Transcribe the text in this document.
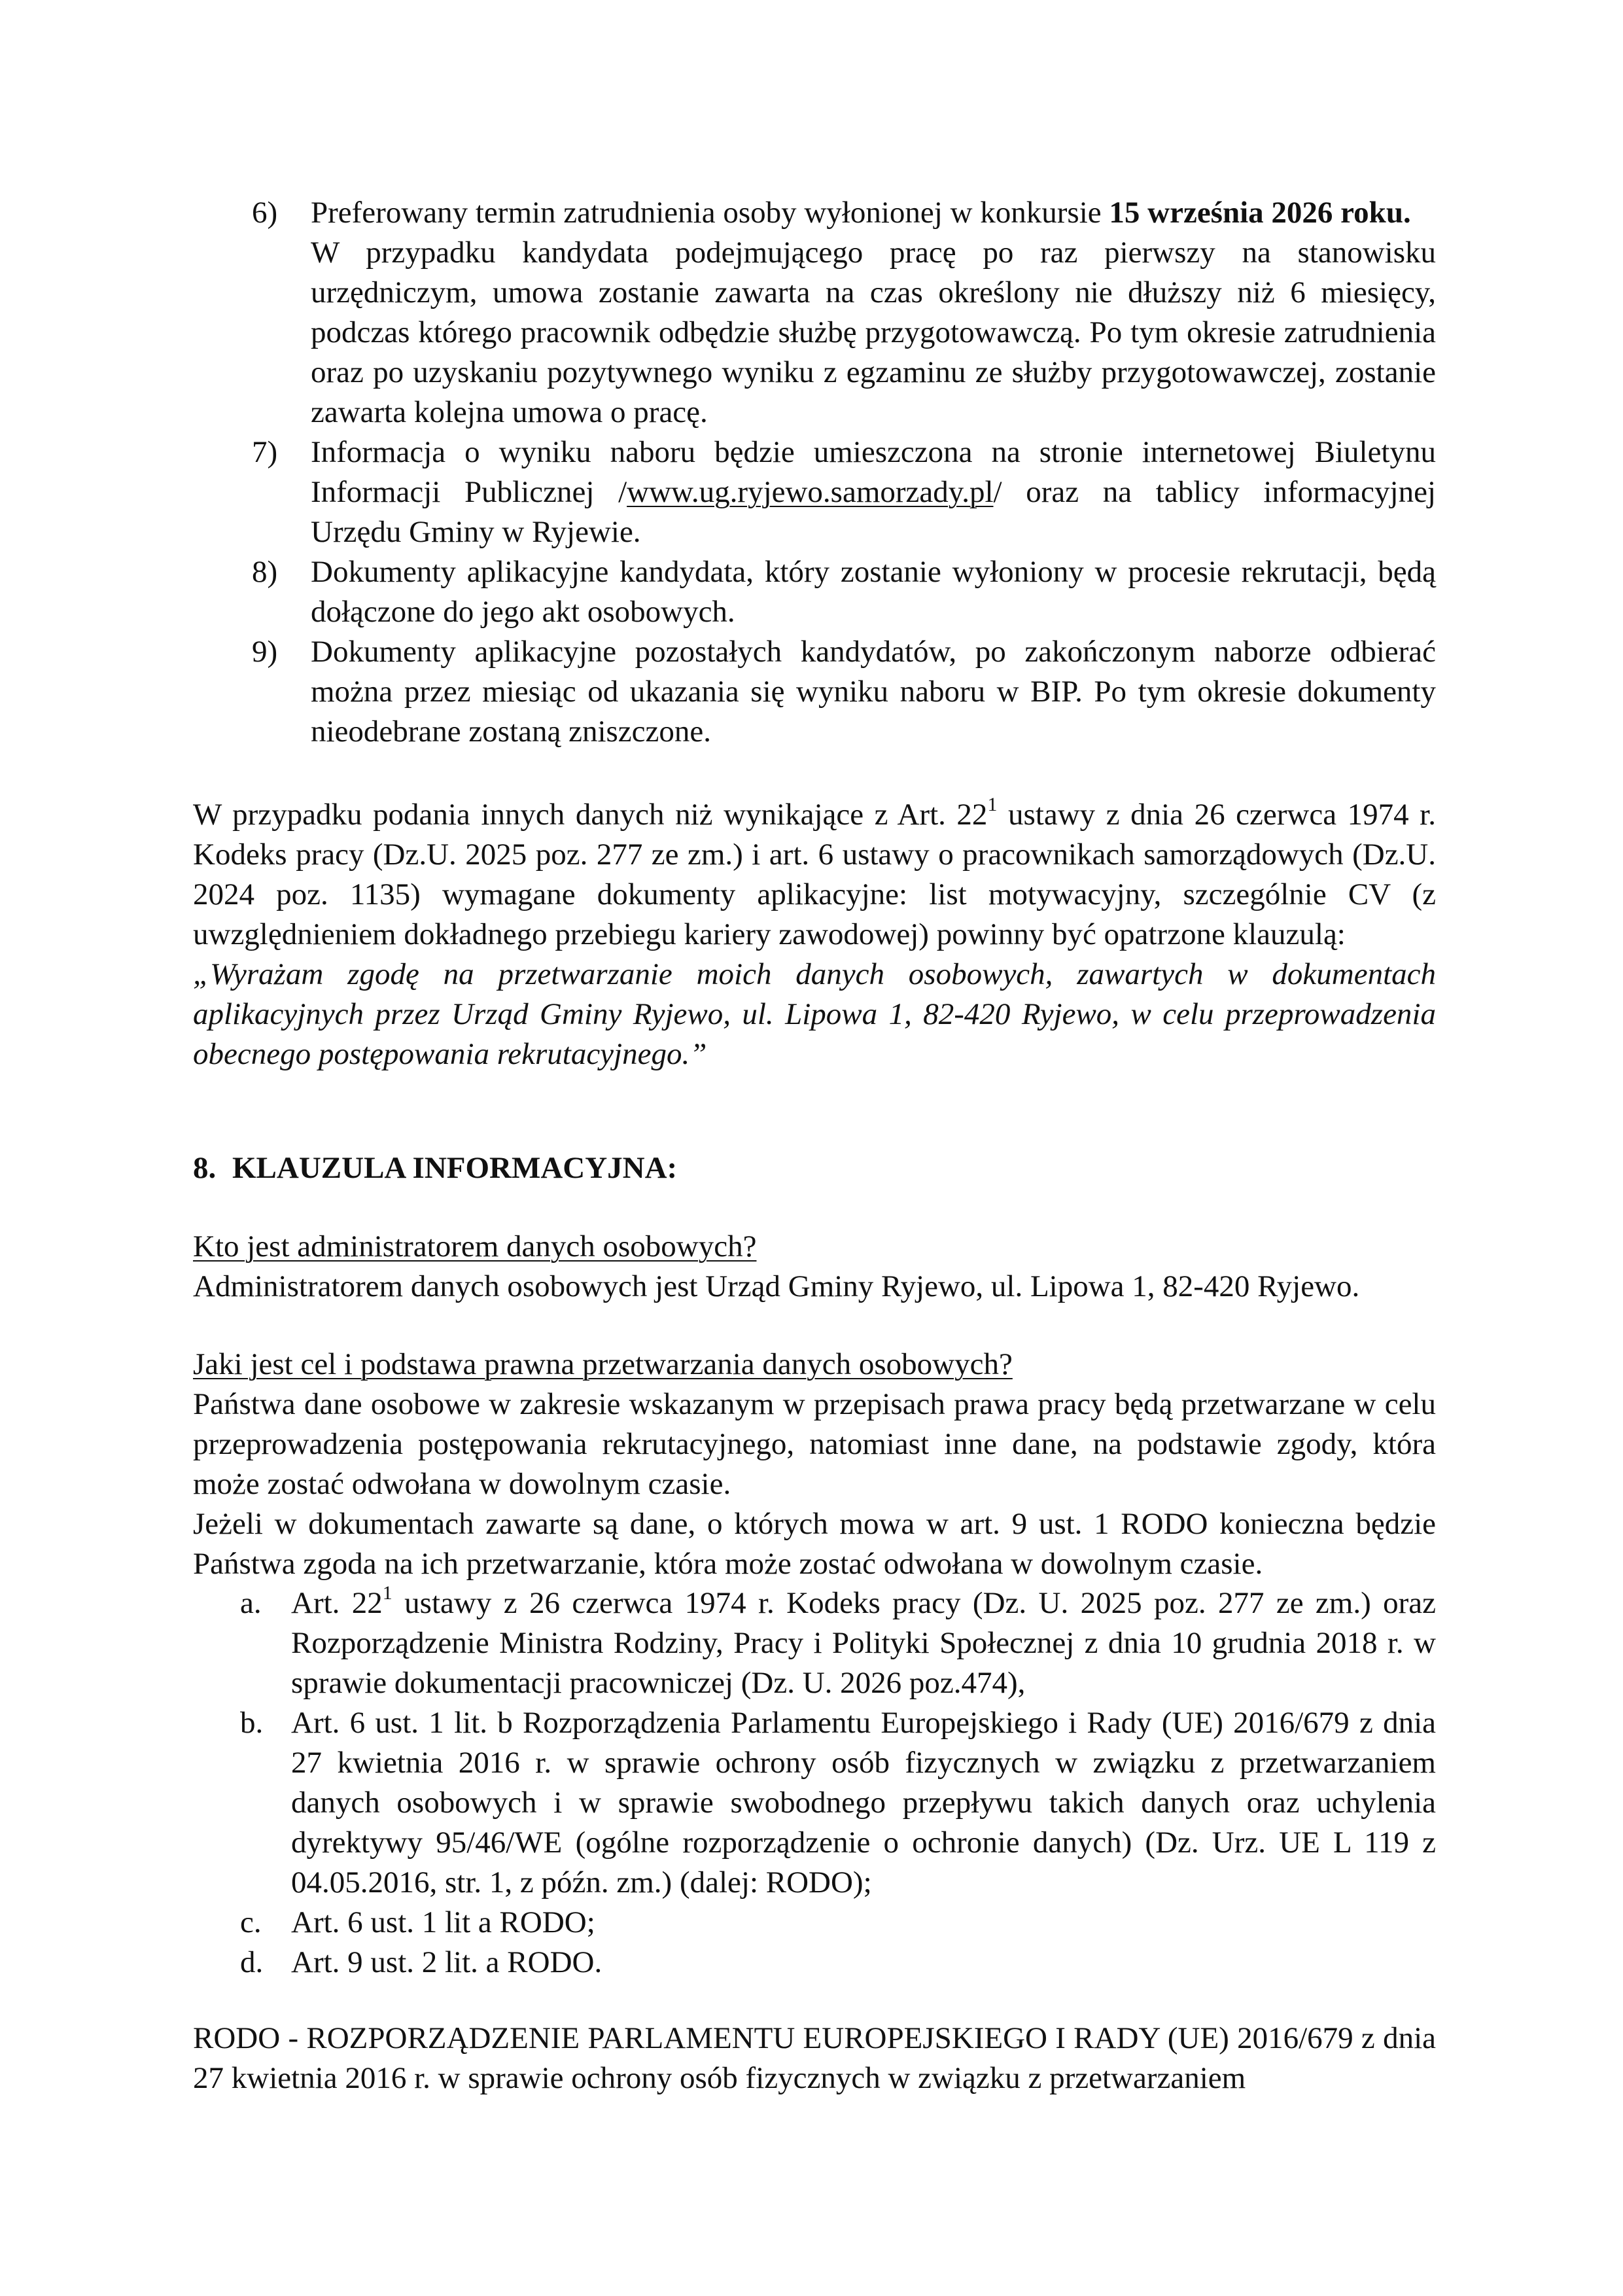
6) Preferowany termin zatrudnienia osoby wyłonionej w konkursie 15 września 2026 roku.
W przypadku kandydata podejmującego pracę po raz pierwszy na stanowisku urzędniczym, umowa zostanie zawarta na czas określony nie dłuższy niż 6 miesięcy, podczas którego pracownik odbędzie służbę przygotowawczą. Po tym okresie zatrudnienia oraz po uzyskaniu pozytywnego wyniku z egzaminu ze służby przygotowawczej, zostanie zawarta kolejna umowa o pracę.
7) Informacja o wyniku naboru będzie umieszczona na stronie internetowej Biuletynu Informacji Publicznej /www.ug.ryjewo.samorzady.pl/ oraz na tablicy informacyjnej Urzędu Gminy w Ryjewie.
8) Dokumenty aplikacyjne kandydata, który zostanie wyłoniony w procesie rekrutacji, będą dołączone do jego akt osobowych.
9) Dokumenty aplikacyjne pozostałych kandydatów, po zakończonym naborze odbierać można przez miesiąc od ukazania się wyniku naboru w BIP. Po tym okresie dokumenty nieodebrane zostaną zniszczone.

W przypadku podania innych danych niż wynikające z Art. $22^1$ ustawy z dnia 26 czerwca 1974 r. Kodeks pracy (Dz.U. 2025 poz. 277 ze zm.) i art. 6 ustawy o pracownikach samorządowych (Dz.U. 2024 poz. 1135) wymagane dokumenty aplikacyjne: list motywacyjny, szczególnie CV (z uwzględnieniem dokładnego przebiegu kariery zawodowej) powinny być opatrzone klauzulą:

„Wyrażam zgodę na przetwarzanie moich danych osobowych, zawartych w dokumentach aplikacyjnych przez Urząd Gminy Ryjewo, ul. Lipowa 1, 82-420 Ryjewo, w celu przeprowadzenia obecnego postępowania rekrutacyjnego.”

8. KLAUZULA INFORMACYJNA:

Kto jest administratorem danych osobowych?

Administratorem danych osobowych jest Urząd Gminy Ryjewo, ul. Lipowa 1, 82-420 Ryjewo.

Jaki jest cel i podstawa prawna przetwarzania danych osobowych?

Państwa dane osobowe w zakresie wskazanym w przepisach prawa pracy będą przetwarzane w celu przeprowadzenia postępowania rekrutacyjnego, natomiast inne dane, na podstawie zgody, która może zostać odwołana w dowolnym czasie.

Jeżeli w dokumentach zawarte są dane, o których mowa w art. 9 ust. 1 RODO konieczna będzie Państwa zgoda na ich przetwarzanie, która może zostać odwołana w dowolnym czasie.

a. Art. $22^1$ ustawy z 26 czerwca 1974 r. Kodeks pracy (Dz. U. 2025 poz. 277 ze zm.) oraz Rozporządzenie Ministra Rodziny, Pracy i Polityki Społecznej z dnia 10 grudnia 2018 r. w sprawie dokumentacji pracowniczej (Dz. U. 2026 poz.474),
b. Art. 6 ust. 1 lit. b Rozporządzenia Parlamentu Europejskiego i Rady (UE) 2016/679 z dnia 27 kwietnia 2016 r. w sprawie ochrony osób fizycznych w związku z przetwarzaniem danych osobowych i w sprawie swobodnego przepływu takich danych oraz uchylenia dyrektywy 95/46/WE (ogólne rozporządzenie o ochronie danych) (Dz. Urz. UE L 119 z 04.05.2016, str. 1, z późn. zm.) (dalej: RODO);
c. Art. 6 ust. 1 lit a RODO;
d. Art. 9 ust. 2 lit. a RODO.

RODO - ROZPORZĄDZENIE PARLAMENTU EUROPEJSKIEGO I RADY (UE) 2016/679 z dnia 27 kwietnia 2016 r. w sprawie ochrony osób fizycznych w związku z przetwarzaniem
